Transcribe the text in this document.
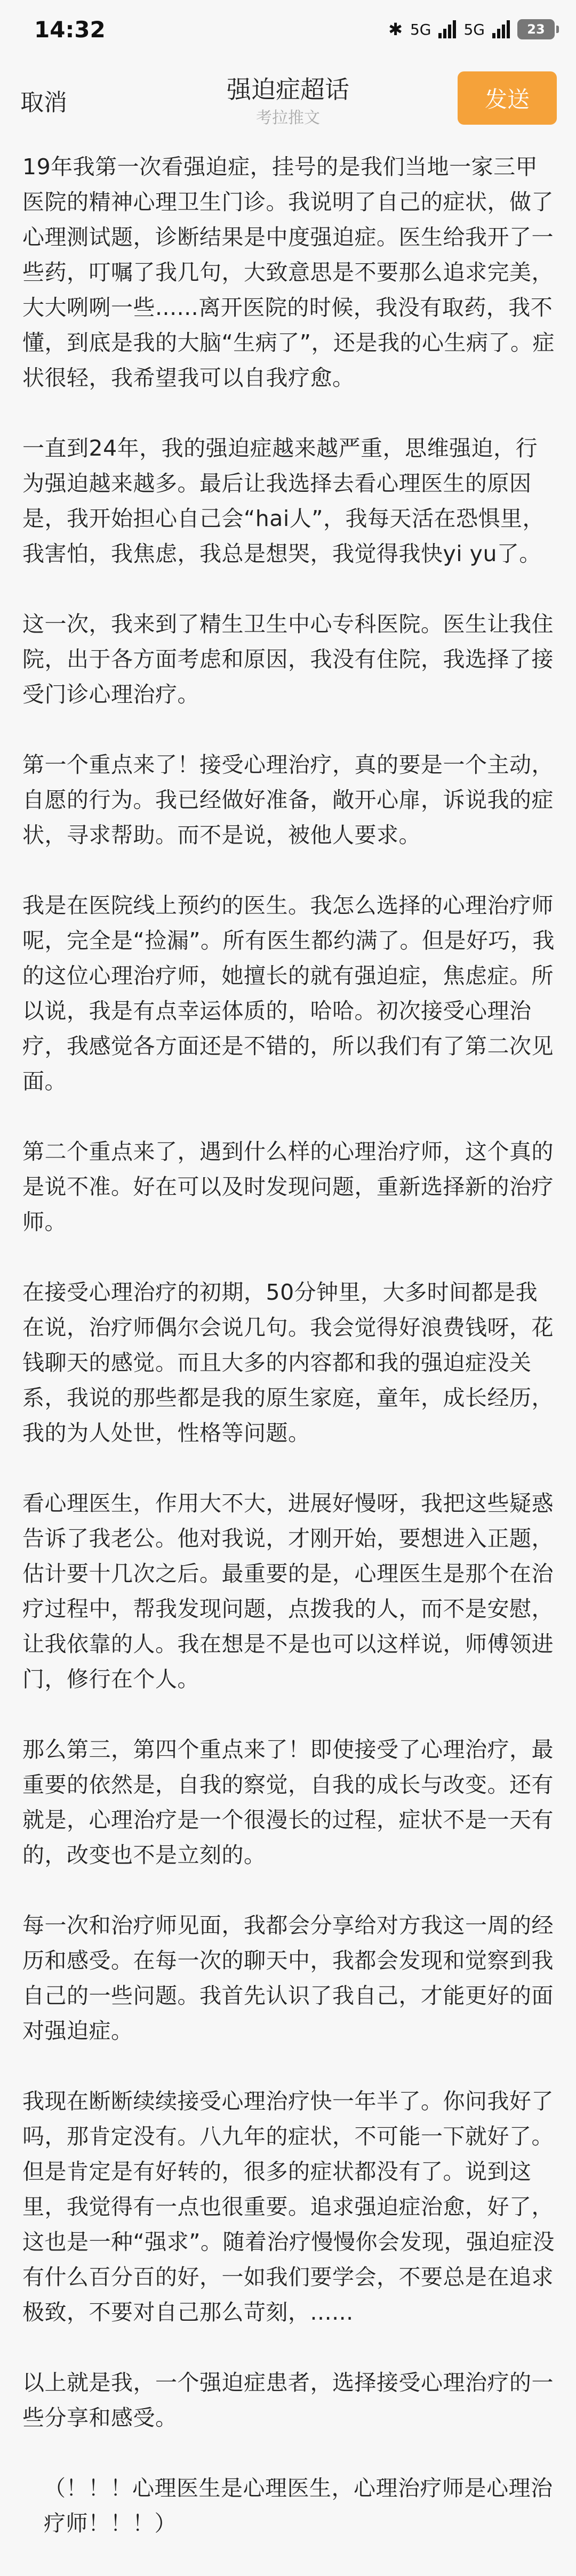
14:32	✱ 5G 5G	23
取消	强迫症超话
考拉推文
发送

19年我第一次看强迫症，挂号的是我们当地一家三甲医院的精神心理卫生门诊。我说明了自己的症状，做了心理测试题，诊断结果是中度强迫症。医生给我开了一些药，叮嘱了我几句，大致意思是不要那么追求完美，大大咧咧一些......离开医院的时候，我没有取药，我不懂，到底是我的大脑“生病了”，还是我的心生病了。症状很轻，我希望我可以自我疗愈。

一直到24年，我的强迫症越来越严重，思维强迫，行为强迫越来越多。最后让我选择去看心理医生的原因是，我开始担心自己会“hai人”，我每天活在恐惧里，我害怕，我焦虑，我总是想哭，我觉得我快yi yu了。

这一次，我来到了精生卫生中心专科医院。医生让我住院，出于各方面考虑和原因，我没有住院，我选择了接受门诊心理治疗。

第一个重点来了！接受心理治疗，真的要是一个主动，自愿的行为。我已经做好准备，敞开心扉，诉说我的症状，寻求帮助。而不是说，被他人要求。

我是在医院线上预约的医生。我怎么选择的心理治疗师呢，完全是“捡漏”。所有医生都约满了。但是好巧，我的这位心理治疗师，她擅长的就有强迫症，焦虑症。所以说，我是有点幸运体质的，哈哈。初次接受心理治疗，我感觉各方面还是不错的，所以我们有了第二次见面。

第二个重点来了，遇到什么样的心理治疗师，这个真的是说不准。好在可以及时发现问题，重新选择新的治疗师。

在接受心理治疗的初期，50分钟里，大多时间都是我在说，治疗师偶尔会说几句。我会觉得好浪费钱呀，花钱聊天的感觉。而且大多的内容都和我的强迫症没关系，我说的那些都是我的原生家庭，童年，成长经历，我的为人处世，性格等问题。

看心理医生，作用大不大，进展好慢呀，我把这些疑惑告诉了我老公。他对我说，才刚开始，要想进入正题，估计要十几次之后。最重要的是，心理医生是那个在治疗过程中，帮我发现问题，点拨我的人，而不是安慰，让我依靠的人。我在想是不是也可以这样说，师傅领进门，修行在个人。

那么第三，第四个重点来了！即使接受了心理治疗，最重要的依然是，自我的察觉，自我的成长与改变。还有就是，心理治疗是一个很漫长的过程，症状不是一天有的，改变也不是立刻的。

每一次和治疗师见面，我都会分享给对方我这一周的经历和感受。在每一次的聊天中，我都会发现和觉察到我自己的一些问题。我首先认识了我自己，才能更好的面对强迫症。

我现在断断续续接受心理治疗快一年半了。你问我好了吗，那肯定没有。八九年的症状，不可能一下就好了。但是肯定是有好转的，很多的症状都没有了。说到这里，我觉得有一点也很重要。追求强迫症治愈，好了，这也是一种“强求”。随着治疗慢慢你会发现，强迫症没有什么百分百的好，一如我们要学会，不要总是在追求极致，不要对自己那么苛刻，......

以上就是我，一个强迫症患者，选择接受心理治疗的一些分享和感受。

（！！！心理医生是心理医生，心理治疗师是心理治疗师！！！）
